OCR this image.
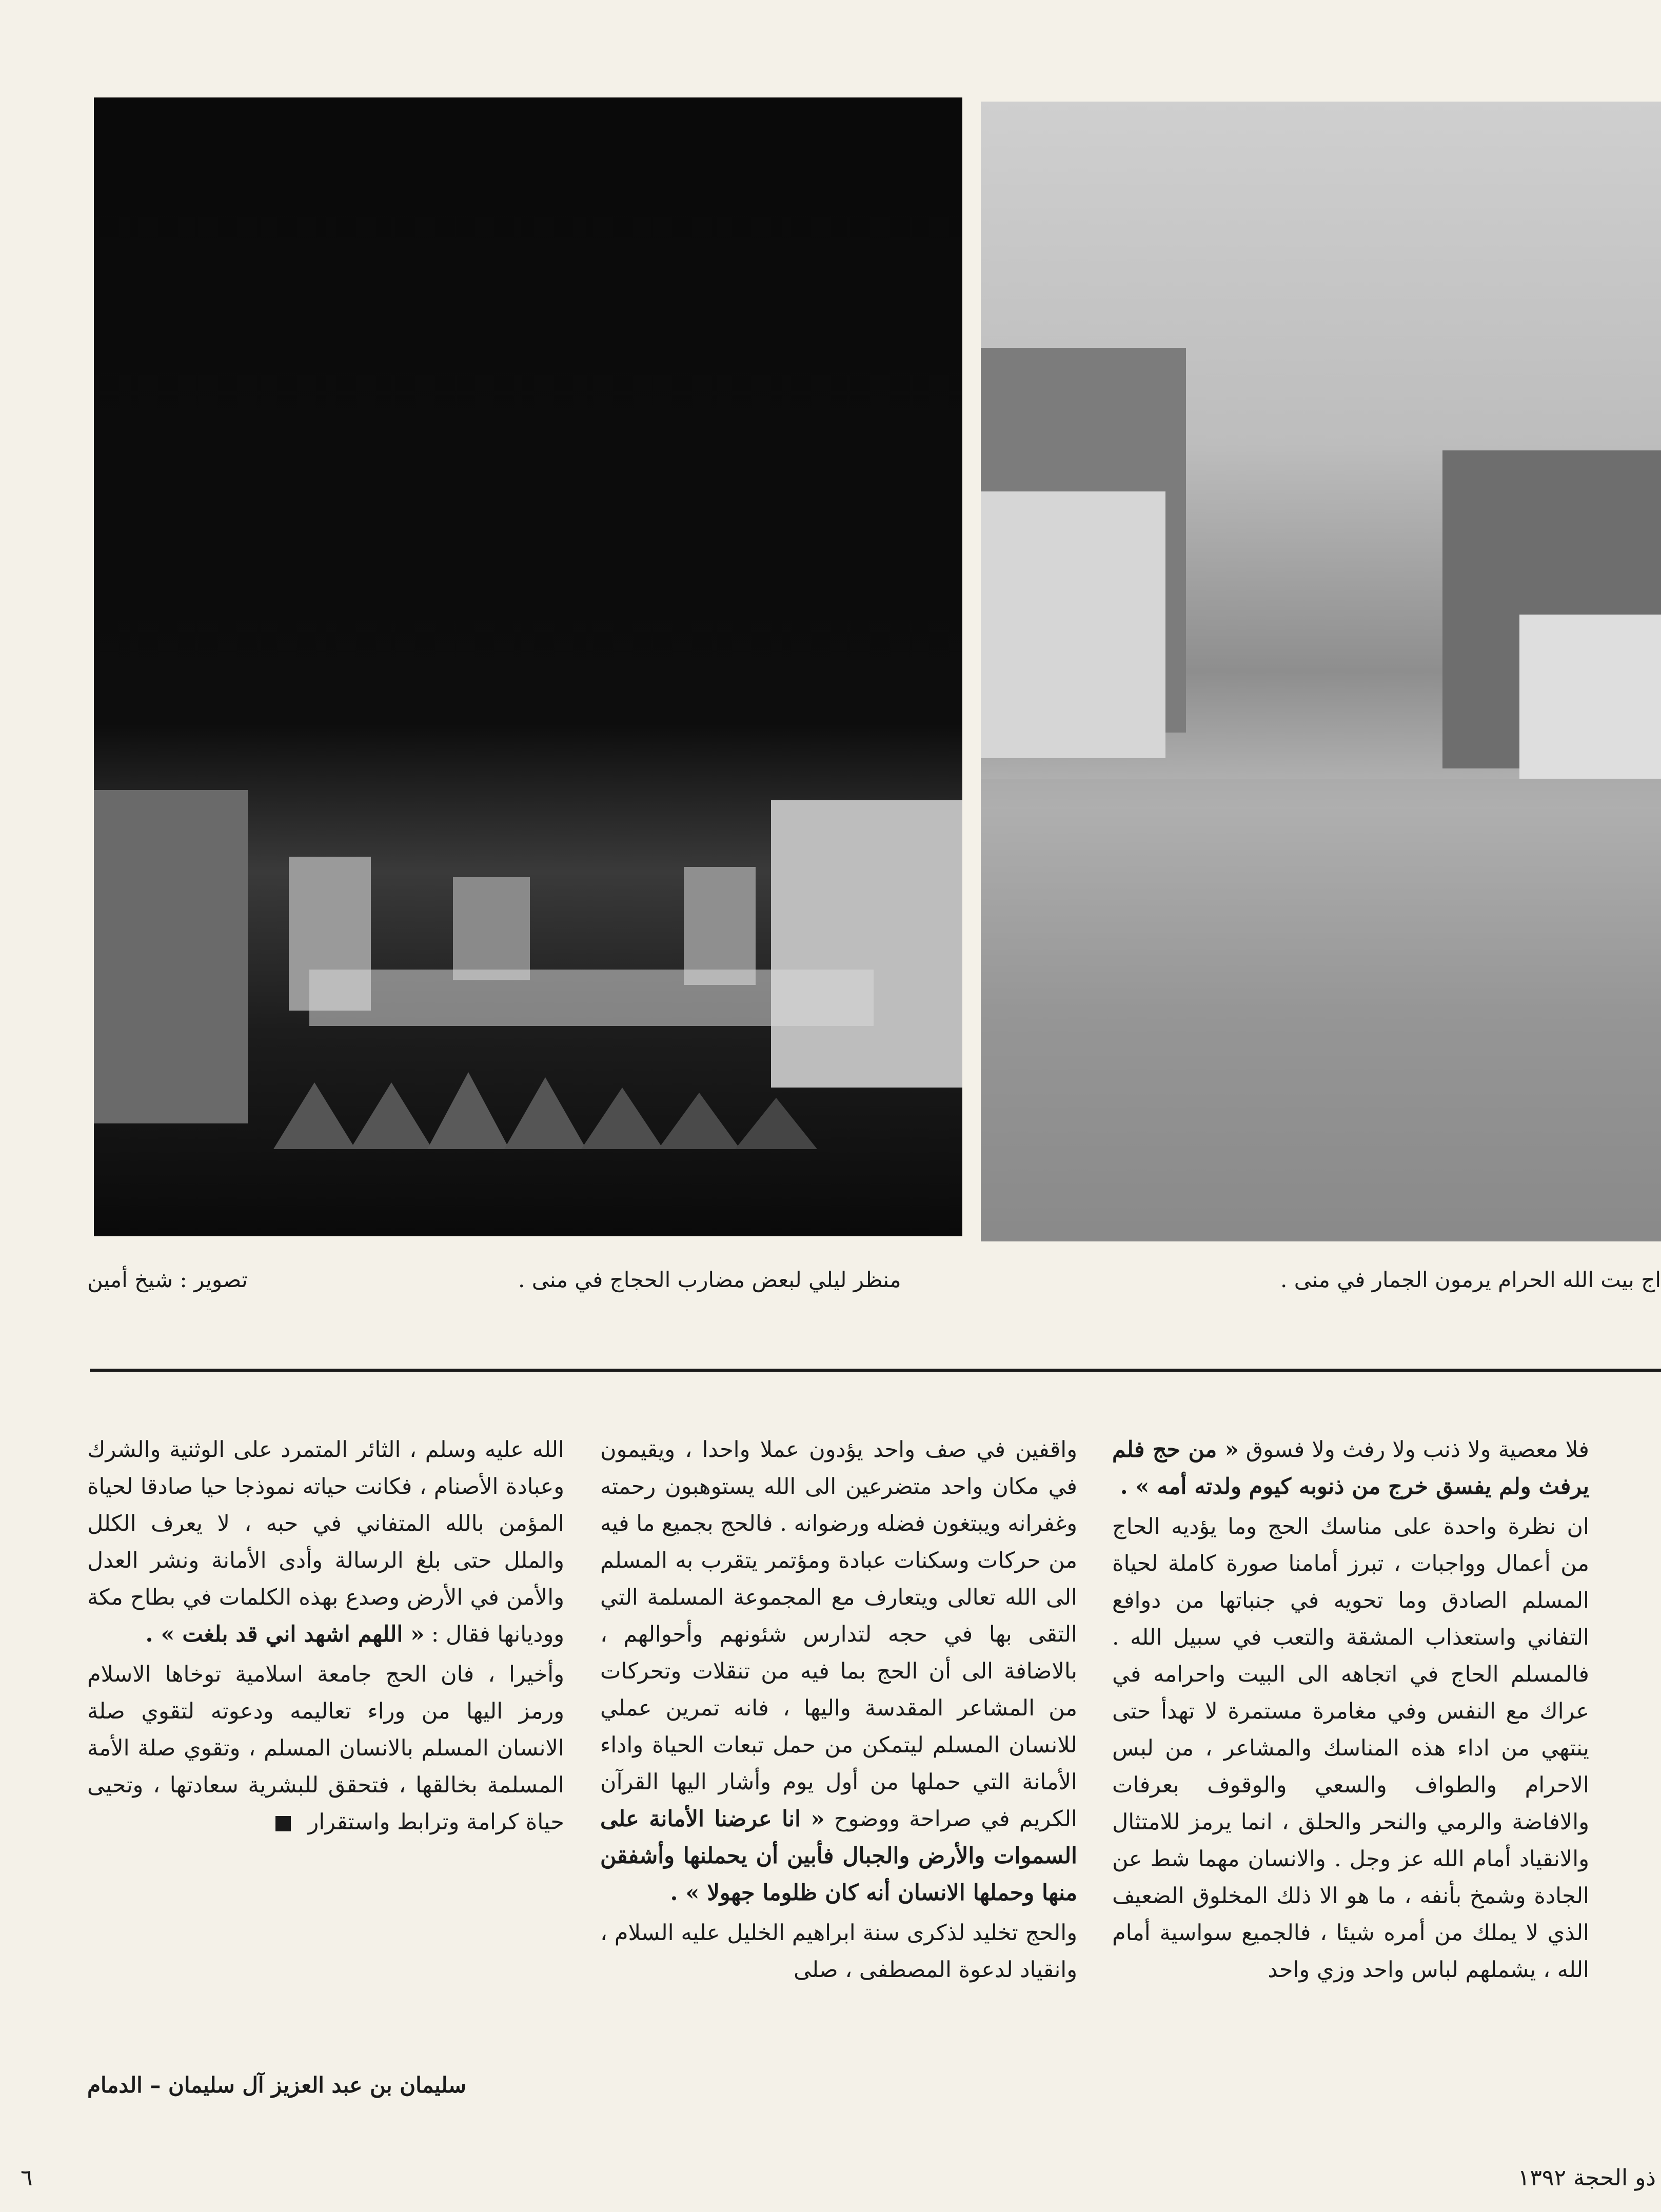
اج بيت الله الحرام يرمون الجمار في منى .
منظر ليلي لبعض مضارب الحجاج في منى .
تصوير : شيخ أمين

فلا معصية ولا ذنب ولا رفث ولا فسوق « من حج فلم يرفث ولم يفسق خرج من ذنوبه كيوم ولدته أمه » .

ان نظرة واحدة على مناسك الحج وما يؤديه الحاج من أعمال وواجبات ، تبرز أمامنا صورة كاملة لحياة المسلم الصادق وما تحويه في جنباتها من دوافع التفاني واستعذاب المشقة والتعب في سبيل الله . فالمسلم الحاج في اتجاهه الى البيت واحرامه في عراك مع النفس وفي مغامرة مستمرة لا تهدأ حتى ينتهي من اداء هذه المناسك والمشاعر ، من لبس الاحرام والطواف والسعي والوقوف بعرفات والافاضة والرمي والنحر والحلق ، انما يرمز للامتثال والانقياد أمام الله عز وجل . والانسان مهما شط عن الجادة وشمخ بأنفه ، ما هو الا ذلك المخلوق الضعيف الذي لا يملك من أمره شيئا ، فالجميع سواسية أمام الله ، يشملهم لباس واحد وزي واحد

واقفين في صف واحد يؤدون عملا واحدا ، ويقيمون في مكان واحد متضرعين الى الله يستوهبون رحمته وغفرانه ويبتغون فضله ورضوانه . فالحج بجميع ما فيه من حركات وسكنات عبادة ومؤتمر يتقرب به المسلم الى الله تعالى ويتعارف مع المجموعة المسلمة التي التقى بها في حجه لتدارس شئونهم وأحوالهم ، بالاضافة الى أن الحج بما فيه من تنقلات وتحركات من المشاعر المقدسة واليها ، فانه تمرين عملي للانسان المسلم ليتمكن من حمل تبعات الحياة واداء الأمانة التي حملها من أول يوم وأشار اليها القرآن الكريم في صراحة ووضوح « انا عرضنا الأمانة على السموات والأرض والجبال فأبين أن يحملنها وأشفقن منها وحملها الانسان أنه كان ظلوما جهولا » .

والحج تخليد لذكرى سنة ابراهيم الخليل عليه السلام ، وانقياد لدعوة المصطفى ، صلى

الله عليه وسلم ، الثائر المتمرد على الوثنية والشرك وعبادة الأصنام ، فكانت حياته نموذجا حيا صادقا لحياة المؤمن بالله المتفاني في حبه ، لا يعرف الكلل والملل حتى بلغ الرسالة وأدى الأمانة ونشر العدل والأمن في الأرض وصدع بهذه الكلمات في بطاح مكة ووديانها فقال : « اللهم اشهد اني قد بلغت » .

وأخيرا ، فان الحج جامعة اسلامية توخاها الاسلام ورمز اليها من وراء تعاليمه ودعوته لتقوي صلة الانسان المسلم بالانسان المسلم ، وتقوي صلة الأمة المسلمة بخالقها ، فتحقق للبشرية سعادتها ، وتحيى حياة كرامة وترابط واستقرار

سليمان بن عبد العزيز آل سليمان – الدمام
٦	ذو الحجة ١٣٩٢
